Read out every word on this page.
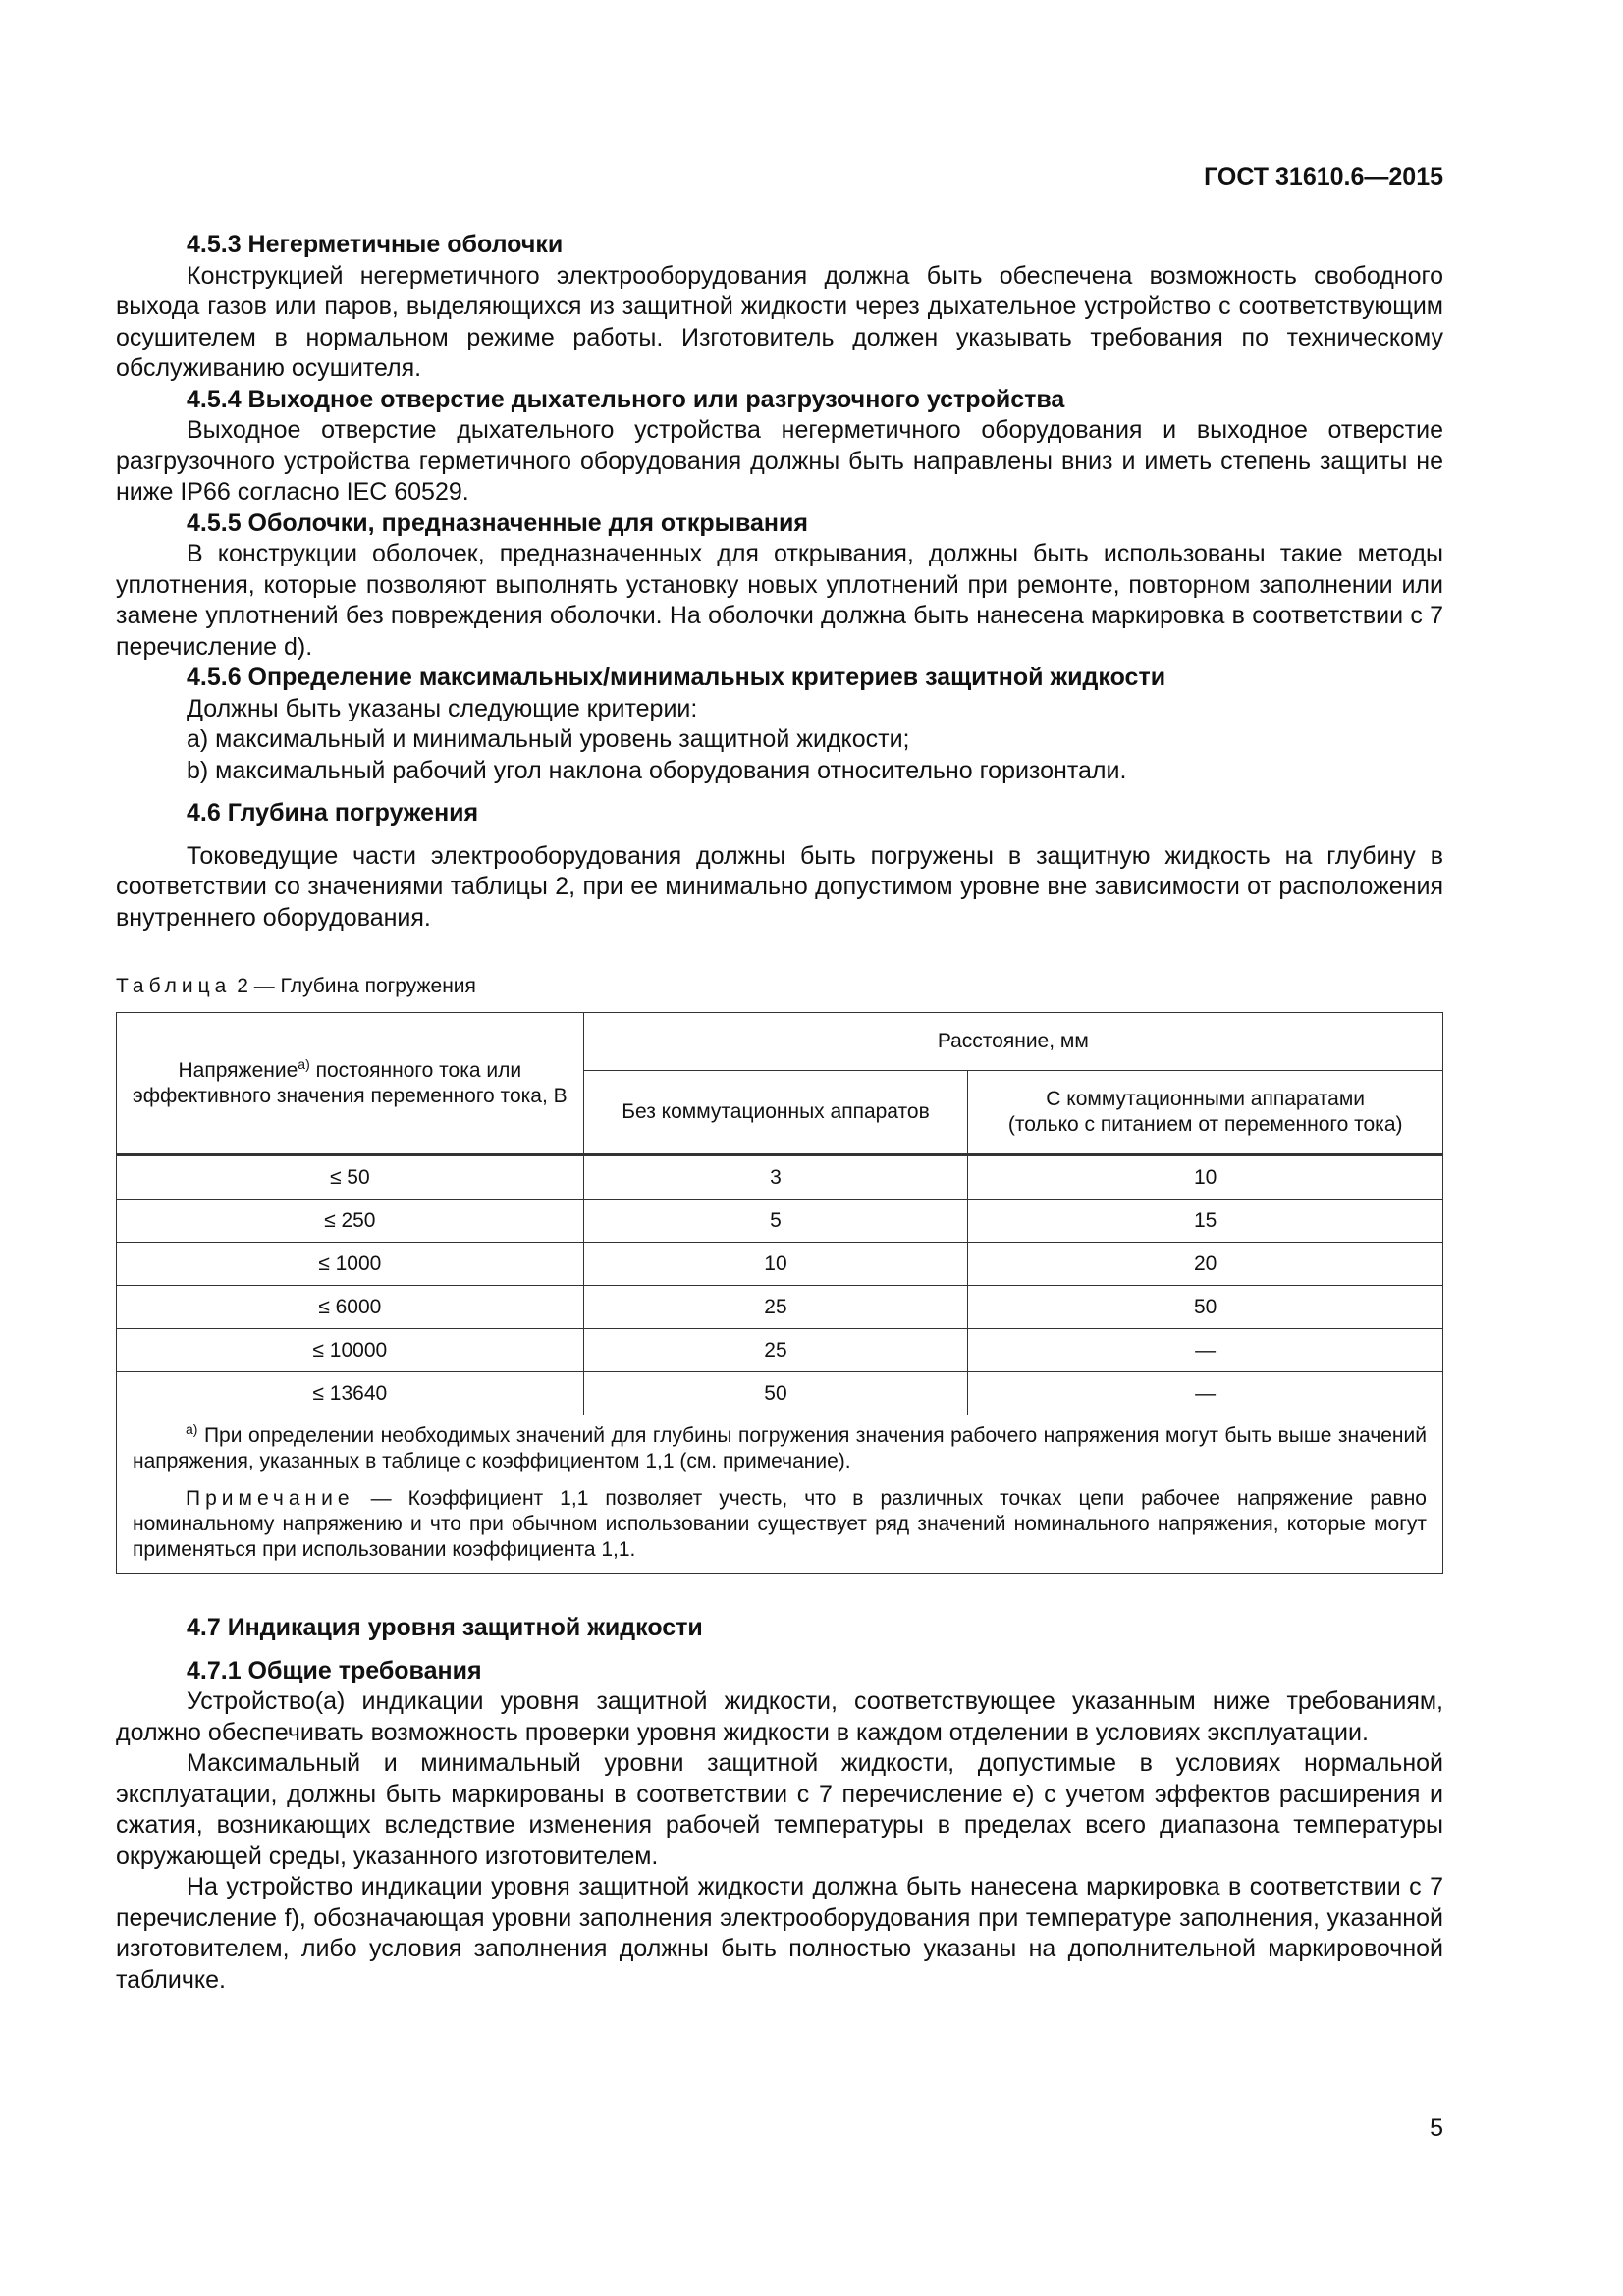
ГОСТ 31610.6—2015

4.5.3 Негерметичные оболочки

Конструкцией негерметичного электрооборудования должна быть обеспечена возможность свободного выхода газов или паров, выделяющихся из защитной жидкости через дыхательное устройство с соответствующим осушителем в нормальном режиме работы. Изготовитель должен указывать требования по техническому обслуживанию осушителя.

4.5.4 Выходное отверстие дыхательного или разгрузочного устройства

Выходное отверстие дыхательного устройства негерметичного оборудования и выходное отверстие разгрузочного устройства герметичного оборудования должны быть направлены вниз и иметь степень защиты не ниже IP66 согласно IEC 60529.

4.5.5 Оболочки, предназначенные для открывания

В конструкции оболочек, предназначенных для открывания, должны быть использованы такие методы уплотнения, которые позволяют выполнять установку новых уплотнений при ремонте, повторном заполнении или замене уплотнений без повреждения оболочки. На оболочки должна быть нанесена маркировка в соответствии с 7 перечисление d).

4.5.6 Определение максимальных/минимальных критериев защитной жидкости

Должны быть указаны следующие критерии:

a) максимальный и минимальный уровень защитной жидкости;

b) максимальный рабочий угол наклона оборудования относительно горизонтали.

4.6 Глубина погружения

Токоведущие части электрооборудования должны быть погружены в защитную жидкость на глубину в соответствии со значениями таблицы 2, при ее минимально допустимом уровне вне зависимости от расположения внутреннего оборудования.

Таблица 2 — Глубина погружения
Напряжение$^{а)}$ постоянного тока или эффективного значения переменного тока, В	Расстояние, мм	
	Без коммутационных аппаратов	С коммутационными аппаратами
(только с питанием от переменного тока)
≤ 50	3	10
≤ 250	5	15
≤ 1000	10	20
≤ 6000	25	50
≤ 10000	25	—
≤ 13640	50	—

$^{а)}$ При определении необходимых значений для глубины погружения значения рабочего напряжения могут быть выше значений напряжения, указанных в таблице с коэффициентом 1,1 (см. примечание).
Примечание — Коэффициент 1,1 позволяет учесть, что в различных точках цепи рабочее напряжение равно номинальному напряжению и что при обычном использовании существует ряд значений номинального напряжения, которые могут применяться при использовании коэффициента 1,1.		

4.7 Индикация уровня защитной жидкости

4.7.1 Общие требования

Устройство(а) индикации уровня защитной жидкости, соответствующее указанным ниже требованиям, должно обеспечивать возможность проверки уровня жидкости в каждом отделении в условиях эксплуатации.

Максимальный и минимальный уровни защитной жидкости, допустимые в условиях нормальной эксплуатации, должны быть маркированы в соответствии с 7 перечисление е) с учетом эффектов расширения и сжатия, возникающих вследствие изменения рабочей температуры в пределах всего диапазона температуры окружающей среды, указанного изготовителем.

На устройство индикации уровня защитной жидкости должна быть нанесена маркировка в соответствии с 7 перечисление f), обозначающая уровни заполнения электрооборудования при температуре заполнения, указанной изготовителем, либо условия заполнения должны быть полностью указаны на дополнительной маркировочной табличке.

5
